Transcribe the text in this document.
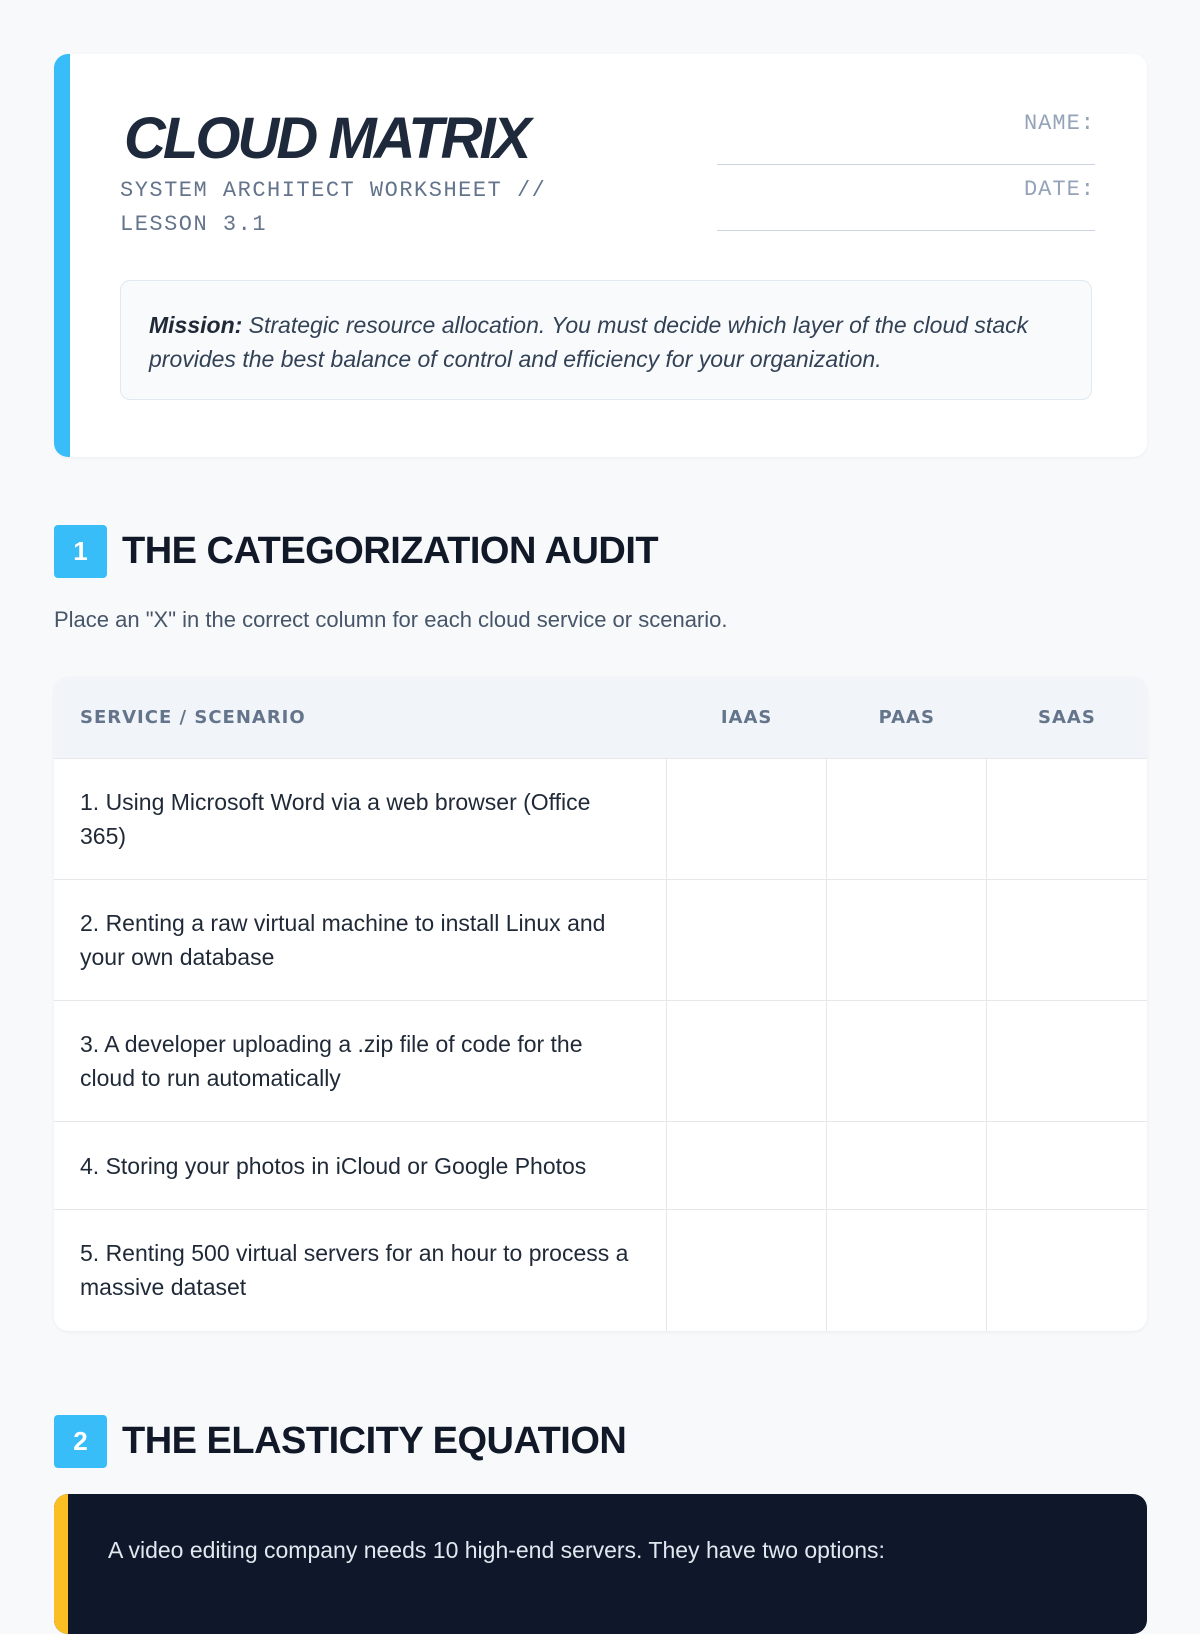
CLOUD MATRIX
SYSTEM ARCHITECT WORKSHEET // LESSON 3.1
NAME:
DATE:
Mission: Strategic resource allocation. You must decide which layer of the cloud stack provides the best balance of control and efficiency for your organization.
1 THE CATEGORIZATION AUDIT
Place an "X" in the correct column for each cloud service or scenario.
SERVICE / SCENARIO	IAAS	PAAS	SAAS
1. Using Microsoft Word via a web browser (Office 365)			
2. Renting a raw virtual machine to install Linux and your own database			
3. A developer uploading a .zip file of code for the cloud to run automatically			
4. Storing your photos in iCloud or Google Photos			
5. Renting 500 virtual servers for an hour to process a massive dataset			
2 THE ELASTICITY EQUATION
A video editing company needs 10 high-end servers. They have two options:
